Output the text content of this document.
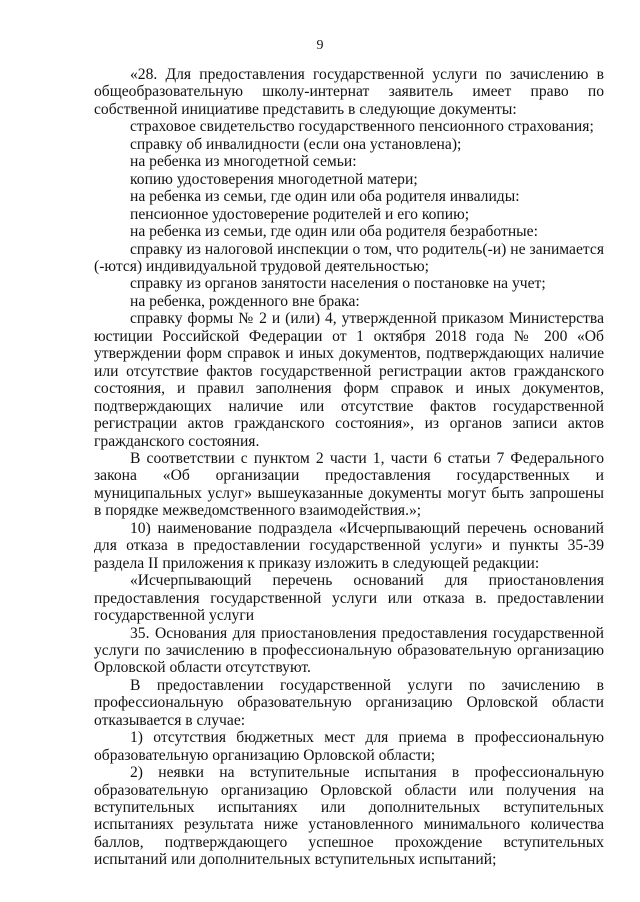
9

«28. Для предоставления государственной услуги по зачислению в общеобразовательную школу-интернат заявитель имеет право по собственной инициативе представить в следующие документы:

страховое свидетельство государственного пенсионного страхования;

справку об инвалидности (если она установлена);

на ребенка из многодетной семьи:

копию удостоверения многодетной матери;

на ребенка из семьи, где один или оба родителя инвалиды:

пенсионное удостоверение родителей и его копию;

на ребенка из семьи, где один или оба родителя безработные:

справку из налоговой инспекции о том, что родитель(-и) не занимается (-ются) индивидуальной трудовой деятельностью;

справку из органов занятости населения о постановке на учет;

на ребенка, рожденного вне брака:

справку формы № 2 и (или) 4, утвержденной приказом Министерства юстиции Российской Федерации от 1 октября 2018 года № 200 «Об утверждении форм справок и иных документов, подтверждающих наличие или отсутствие фактов государственной регистрации актов гражданского состояния, и правил заполнения форм справок и иных документов, подтверждающих наличие или отсутствие фактов государственной регистрации актов гражданского состояния», из органов записи актов гражданского состояния.

В соответствии с пунктом 2 части 1, части 6 статьи 7 Федерального закона «Об организации предоставления государственных и муниципальных услуг» вышеуказанные документы могут быть запрошены в порядке межведомственного взаимодействия.»;

10) наименование подраздела «Исчерпывающий перечень оснований для отказа в предоставлении государственной услуги» и пункты 35-39 раздела II приложения к приказу изложить в следующей редакции:

«Исчерпывающий перечень оснований для приостановления предоставления государственной услуги или отказа в. предоставлении государственной услуги

35. Основания для приостановления предоставления государственной услуги по зачислению в профессиональную образовательную организацию Орловской области отсутствуют.

В предоставлении государственной услуги по зачислению в профессиональную образовательную организацию Орловской области отказывается в случае:

1) отсутствия бюджетных мест для приема в профессиональную образовательную организацию Орловской области;

2) неявки на вступительные испытания в профессиональную образовательную организацию Орловской области или получения на вступительных испытаниях или дополнительных вступительных испытаниях результата ниже установленного минимального количества баллов, подтверждающего успешное прохождение вступительных испытаний или дополнительных вступительных испытаний;
